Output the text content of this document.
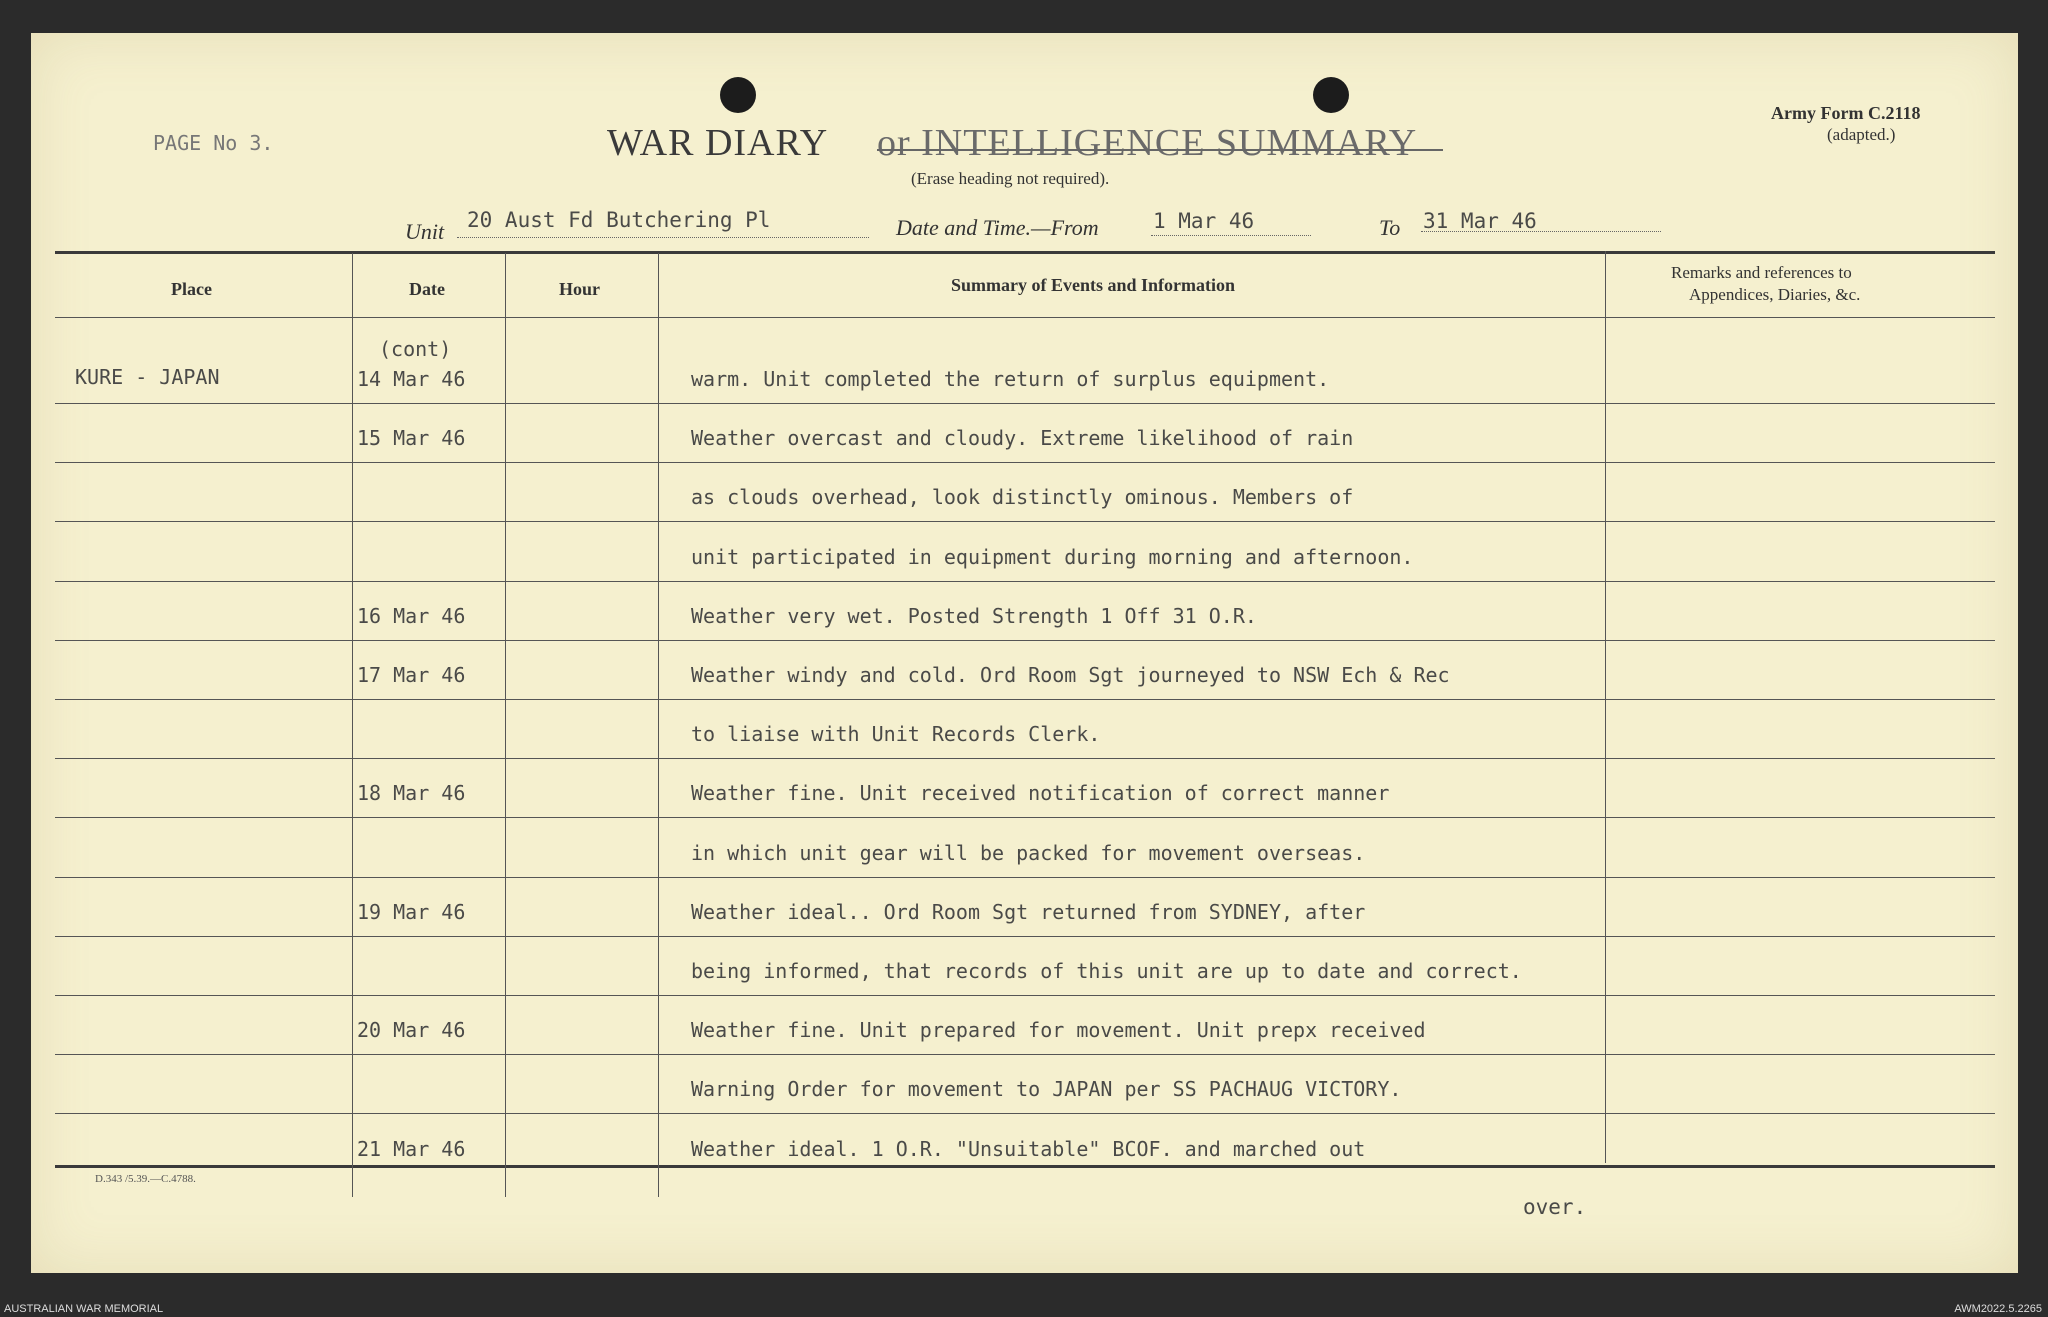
PAGE No 3.	WAR DIARY or INTELLIGENCE SUMMARY
(Erase heading not required).
Army Form C.2118
(adapted.)
Unit 20 Aust Fd Butchering Pl	Date and Time.—From	1 Mar 46	To 31 Mar 46
Place	Date	Hour	Summary of Events and Information
Remarks and references to
Appendices, Diaries, &c.
KURE - JAPAN
(cont)
14 Mar 46	warm. Unit completed the return of surplus equipment.
15 Mar 46	Weather overcast and cloudy. Extreme likelihood of rain
as clouds overhead, look distinctly ominous. Members of
unit participated in equipment during morning and afternoon.
16 Mar 46	Weather very wet. Posted Strength 1 Off 31 O.R.
17 Mar 46	Weather windy and cold. Ord Room Sgt journeyed to NSW Ech & Rec
to liaise with Unit Records Clerk.
18 Mar 46	Weather fine. Unit received notification of correct manner
in which unit gear will be packed for movement overseas.
19 Mar 46	Weather ideal.. Ord Room Sgt returned from SYDNEY, after
being informed, that records of this unit are up to date and correct.
20 Mar 46	Weather fine. Unit prepared for movement. Unit prepx received
Warning Order for movement to JAPAN per SS PACHAUG VICTORY.
21 Mar 46	Weather ideal. 1 O.R. "Unsuitable" BCOF. and marched out
D.343 /5.39.—C.4788.
over.
AUSTRALIAN WAR MEMORIAL	AWM2022.5.2265
